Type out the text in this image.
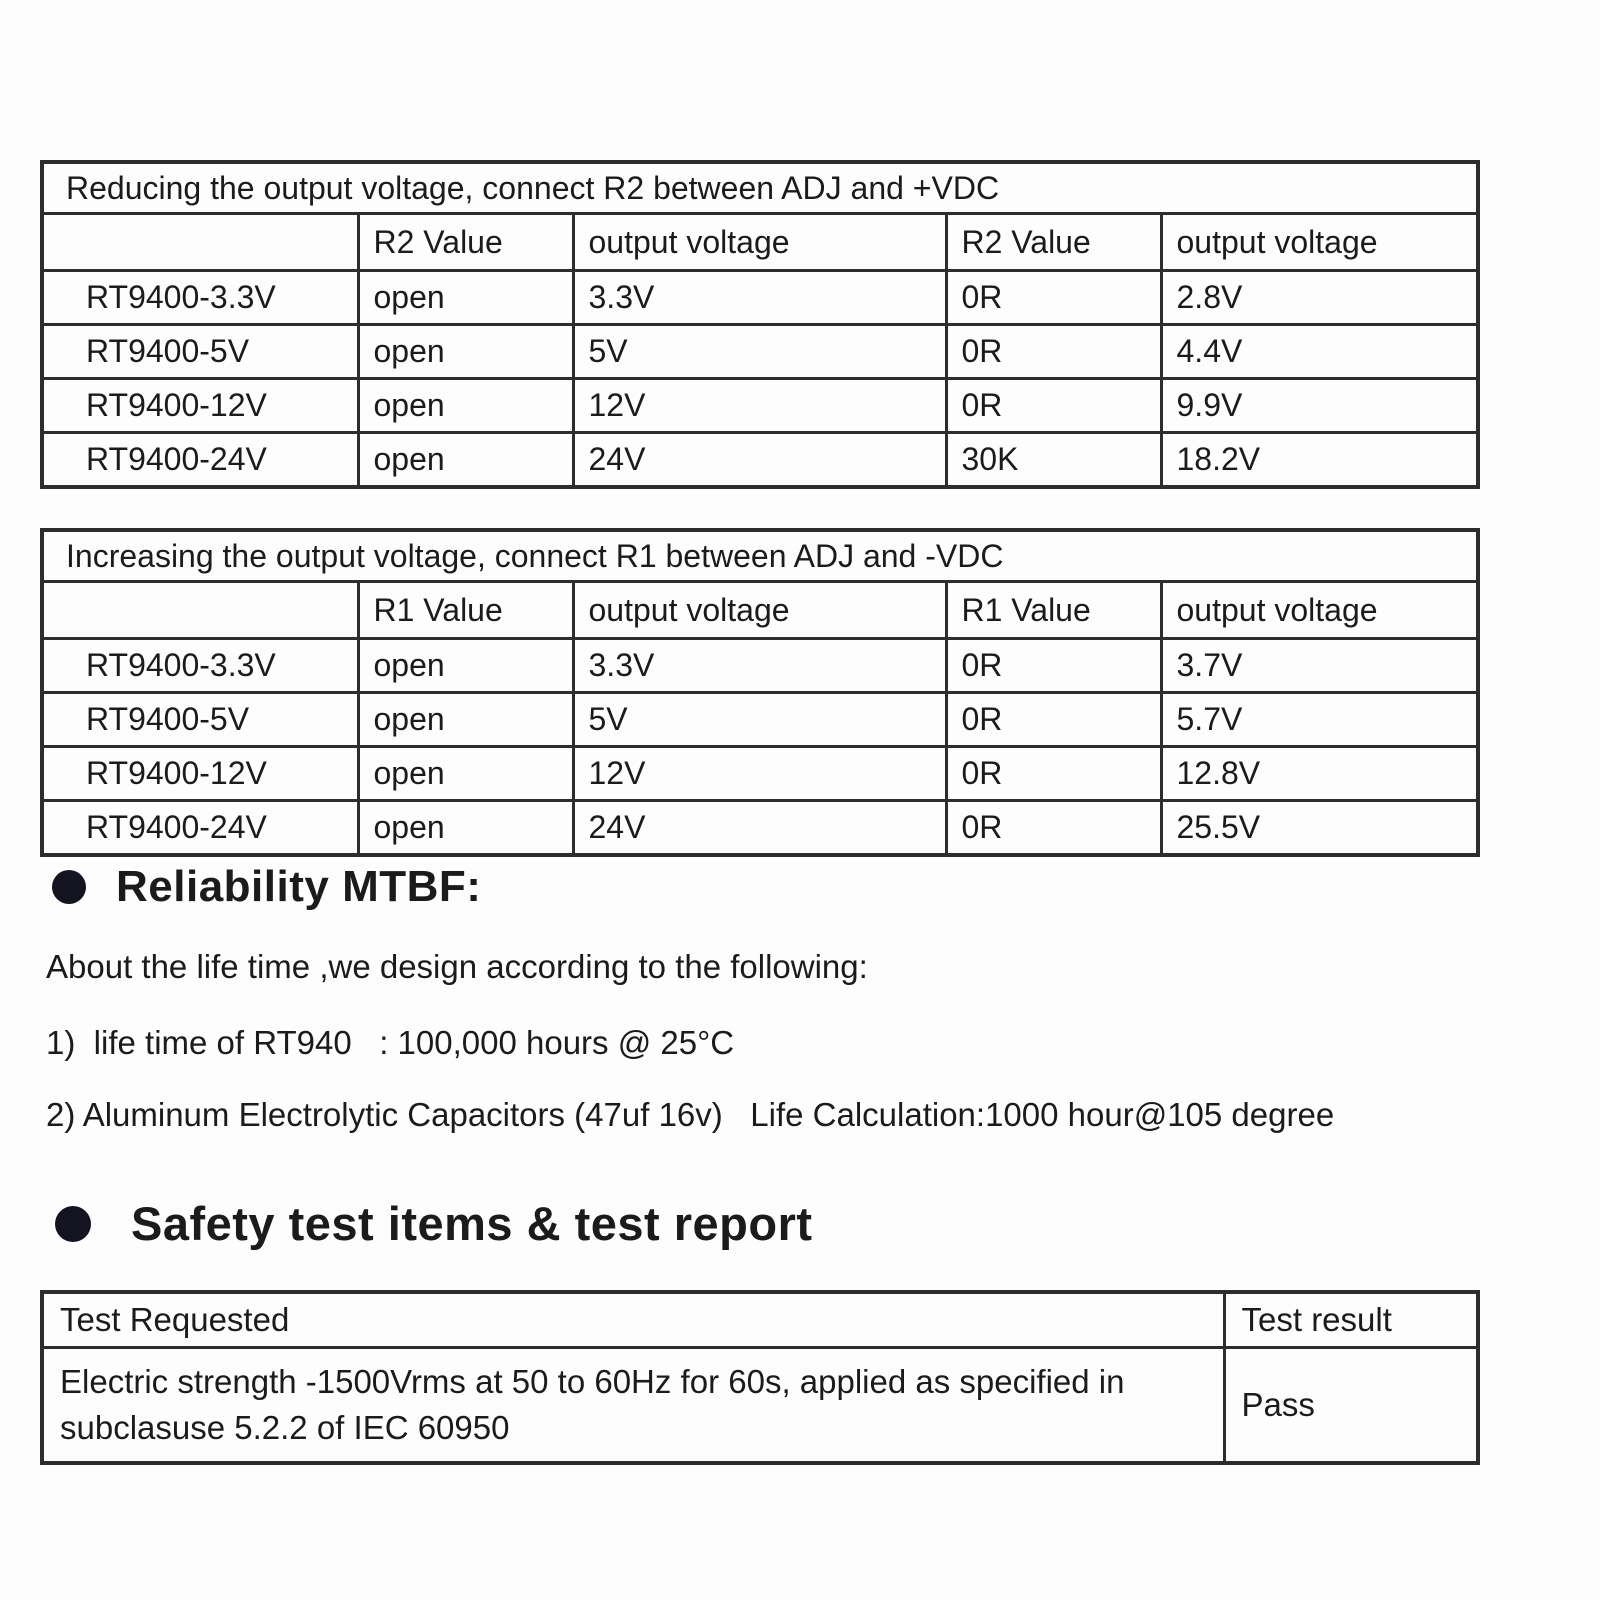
Reducing the output voltage, connect R2 between ADJ and +VDC				
	R2 Value	output voltage	R2 Value	output voltage
RT9400-3.3V	open	3.3V	0R	2.8V
RT9400-5V	open	5V	0R	4.4V
RT9400-12V	open	12V	0R	9.9V
RT9400-24V	open	24V	30K	18.2V
Increasing the output voltage, connect R1 between ADJ and -VDC				
	R1 Value	output voltage	R1 Value	output voltage
RT9400-3.3V	open	3.3V	0R	3.7V
RT9400-5V	open	5V	0R	5.7V
RT9400-12V	open	12V	0R	12.8V
RT9400-24V	open	24V	0R	25.5V
Reliability MTBF:
About the life time ,we design according to the following:
1)  life time of RT940   : 100,000 hours @ 25°C
2) Aluminum Electrolytic Capacitors (47uf 16v)   Life Calculation:1000 hour@105 degree
Safety test items & test report
Test Requested	Test result
Electric strength -1500Vrms at 50 to 60Hz for 60s, applied as specified in subclasuse 5.2.2 of IEC 60950	Pass
